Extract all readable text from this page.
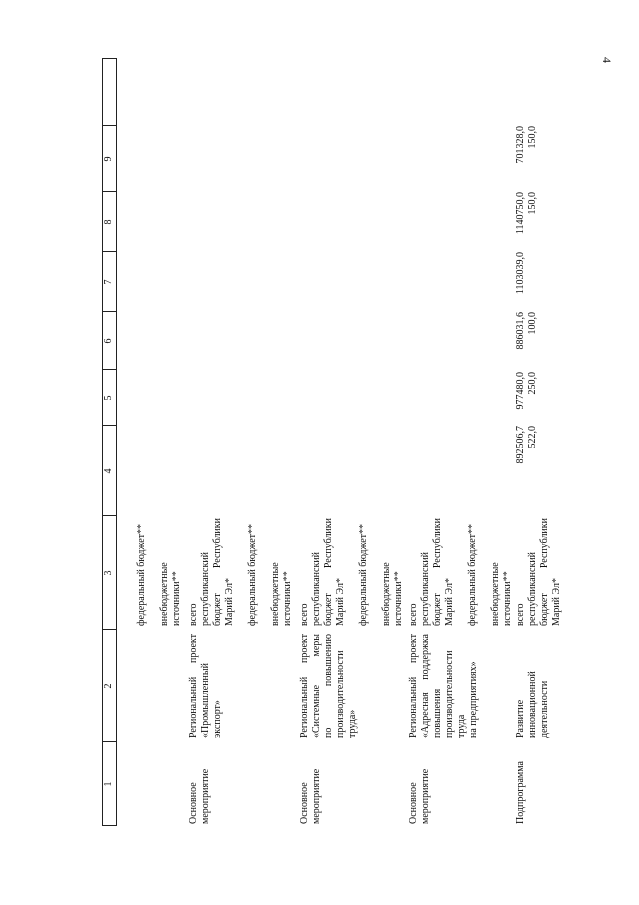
4
1
2
3
4
5
6
7
8
9
федеральный бюджет** внебюджетные источники**
Основное мероприятие
Региональный проект
«Промышленный экспорт»
всего республиканский бюджет Республики
Марий Эл* федеральный бюджет** внебюджетные источники**
Основное мероприятие
Региональный проект
«Системные меры
по повышению производительности труда»
всего республиканский бюджет Республики
Марий Эл* федеральный бюджет** внебюджетные источники**
Основное мероприятие
Региональный проект
«Адресная поддержка
повышения производительности труда на предприятиях»
всего республиканский бюджет Республики
Марий Эл* федеральный бюджет** внебюджетные источники**
Подпрограмма
Развитие инновационной деятельности
всего республиканский бюджет Республики
Марий Эл*
892506,7
977480,0
886031,6
1103039,0
1140750,0
701328,0
522,0
250,0
100,0
150,0
150,0
